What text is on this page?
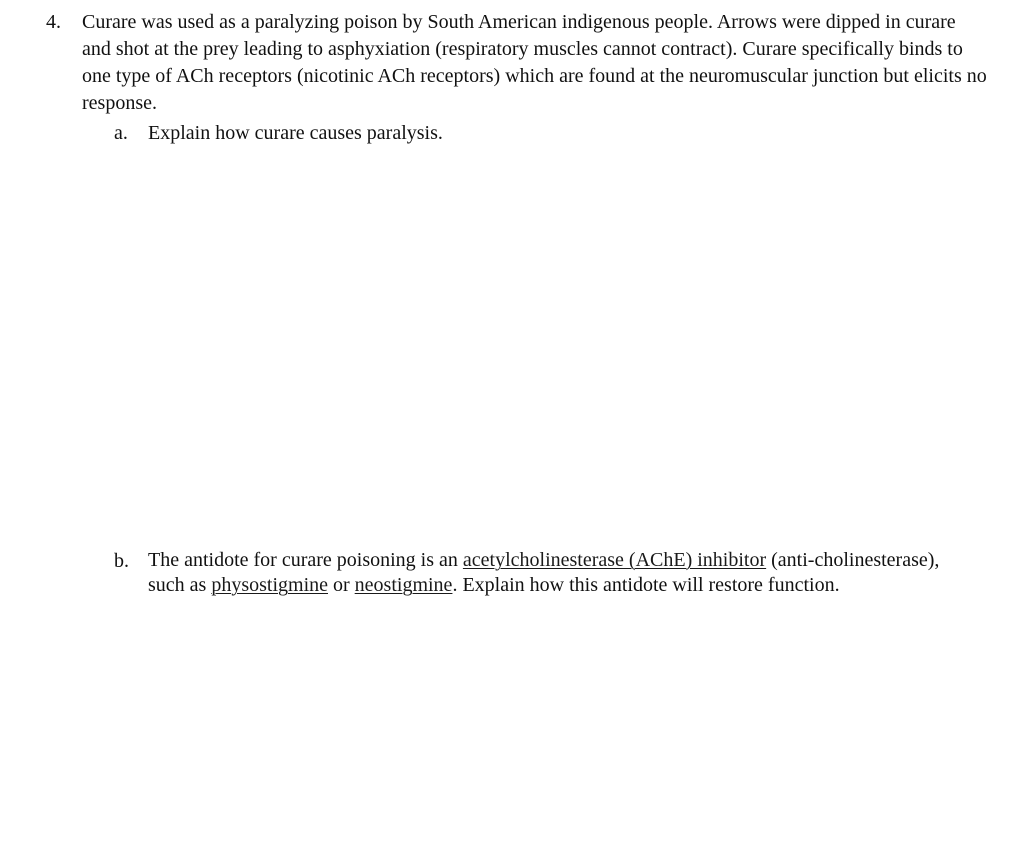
4.	Curare was used as a paralyzing poison by South American indigenous people. Arrows were dipped in curare and shot at the prey leading to asphyxiation (respiratory muscles cannot contract). Curare specifically binds to one type of ACh receptors (nicotinic ACh receptors) which are found at the neuromuscular junction but elicits no response.
a.	Explain how curare causes paralysis.
b. The antidote for curare poisoning is an acetylcholinesterase (AChE) inhibitor (anti-cholinesterase), such as physostigmine or neostigmine. Explain how this antidote will restore function.
